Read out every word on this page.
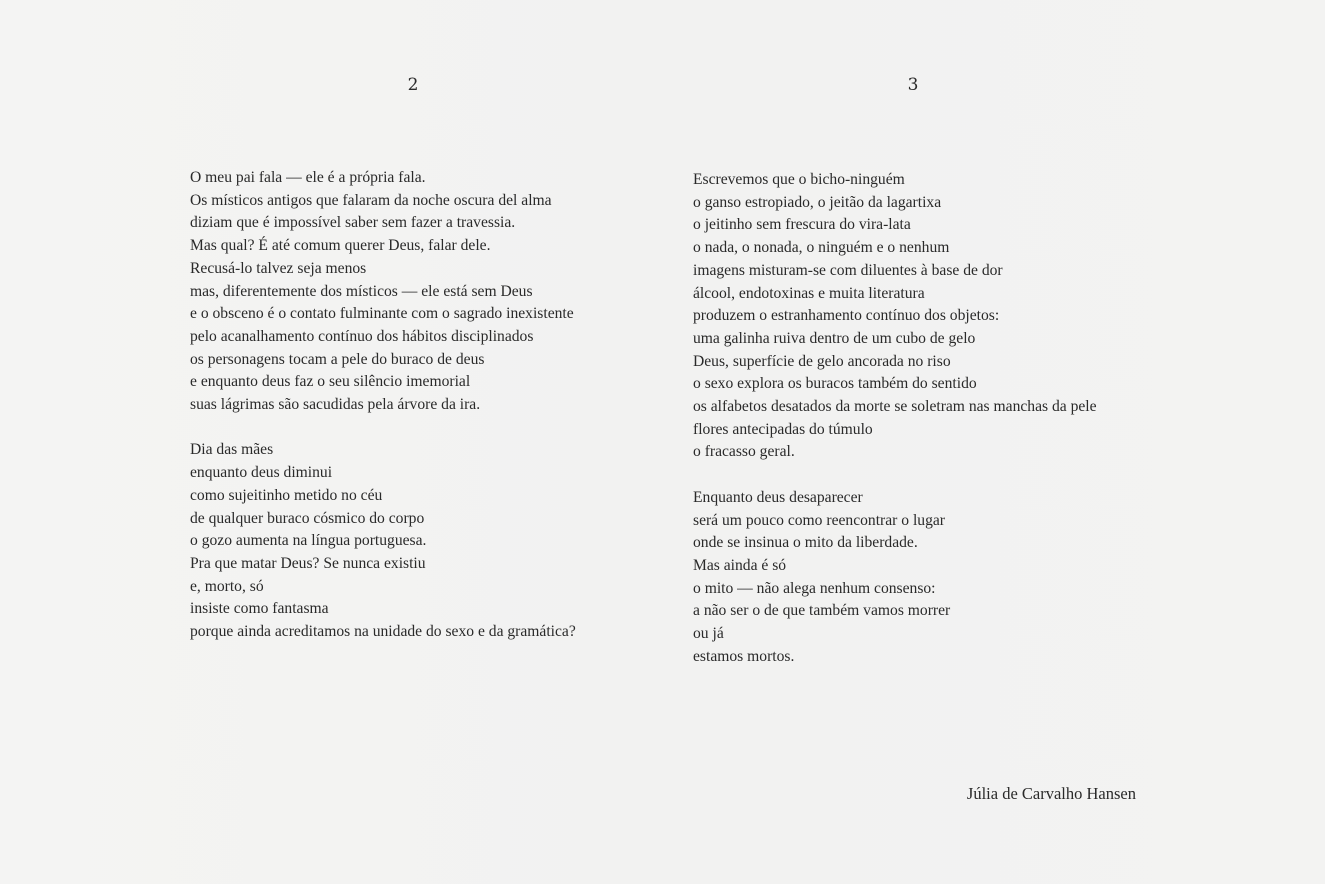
2	3
O meu pai fala — ele é a própria fala.
Os místicos antigos que falaram da noche oscura del alma
diziam que é impossível saber sem fazer a travessia.
Mas qual? É até comum querer Deus, falar dele.
Recusá-lo talvez seja menos
mas, diferentemente dos místicos — ele está sem Deus
e o obsceno é o contato fulminante com o sagrado inexistente
pelo acanalhamento contínuo dos hábitos disciplinados
os personagens tocam a pele do buraco de deus
e enquanto deus faz o seu silêncio imemorial
suas lágrimas são sacudidas pela árvore da ira.
Dia das mães
enquanto deus diminui
como sujeitinho metido no céu
de qualquer buraco cósmico do corpo
o gozo aumenta na língua portuguesa.
Pra que matar Deus? Se nunca existiu
e, morto, só
insiste como fantasma
porque ainda acreditamos na unidade do sexo e da gramática?
Escrevemos que o bicho-ninguém
o ganso estropiado, o jeitão da lagartixa
o jeitinho sem frescura do vira-lata
o nada, o nonada, o ninguém e o nenhum
imagens misturam-se com diluentes à base de dor
álcool, endotoxinas e muita literatura
produzem o estranhamento contínuo dos objetos:
uma galinha ruiva dentro de um cubo de gelo
Deus, superfície de gelo ancorada no riso
o sexo explora os buracos também do sentido
os alfabetos desatados da morte se soletram nas manchas da pele
flores antecipadas do túmulo
o fracasso geral.
Enquanto deus desaparecer
será um pouco como reencontrar o lugar
onde se insinua o mito da liberdade.
Mas ainda é só
o mito — não alega nenhum consenso:
a não ser o de que também vamos morrer
ou já
estamos mortos.
Júlia de Carvalho Hansen
